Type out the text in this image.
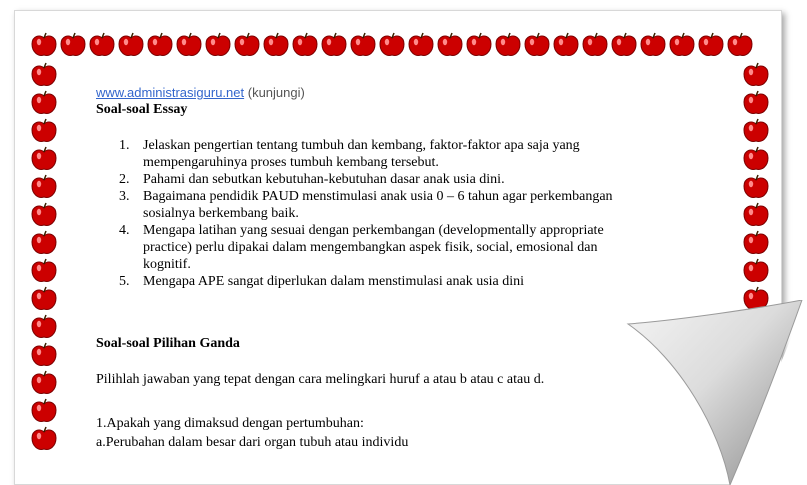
www.administrasiguru.net (kunjungi)
Soal-soal Essay
1. Jelaskan pengertian tentang tumbuh dan kembang, faktor-faktor apa saja yang
mempengaruhinya proses tumbuh kembang tersebut.
2. Pahami dan sebutkan kebutuhan-kebutuhan dasar anak usia dini.
3. Bagaimana pendidik PAUD menstimulasi anak usia 0 – 6 tahun agar perkembangan
sosialnya berkembang baik.
4. Mengapa latihan yang sesuai dengan perkembangan (developmentally appropriate
practice) perlu dipakai dalam mengembangkan aspek fisik, social, emosional dan
kognitif.
5. Mengapa APE sangat diperlukan dalam menstimulasi anak usia dini
Soal-soal Pilihan Ganda
Pilihlah jawaban yang tepat dengan cara melingkari huruf a atau b atau c atau d.
1.Apakah yang dimaksud dengan pertumbuhan:
a.Perubahan dalam besar dari organ tubuh atau individu
